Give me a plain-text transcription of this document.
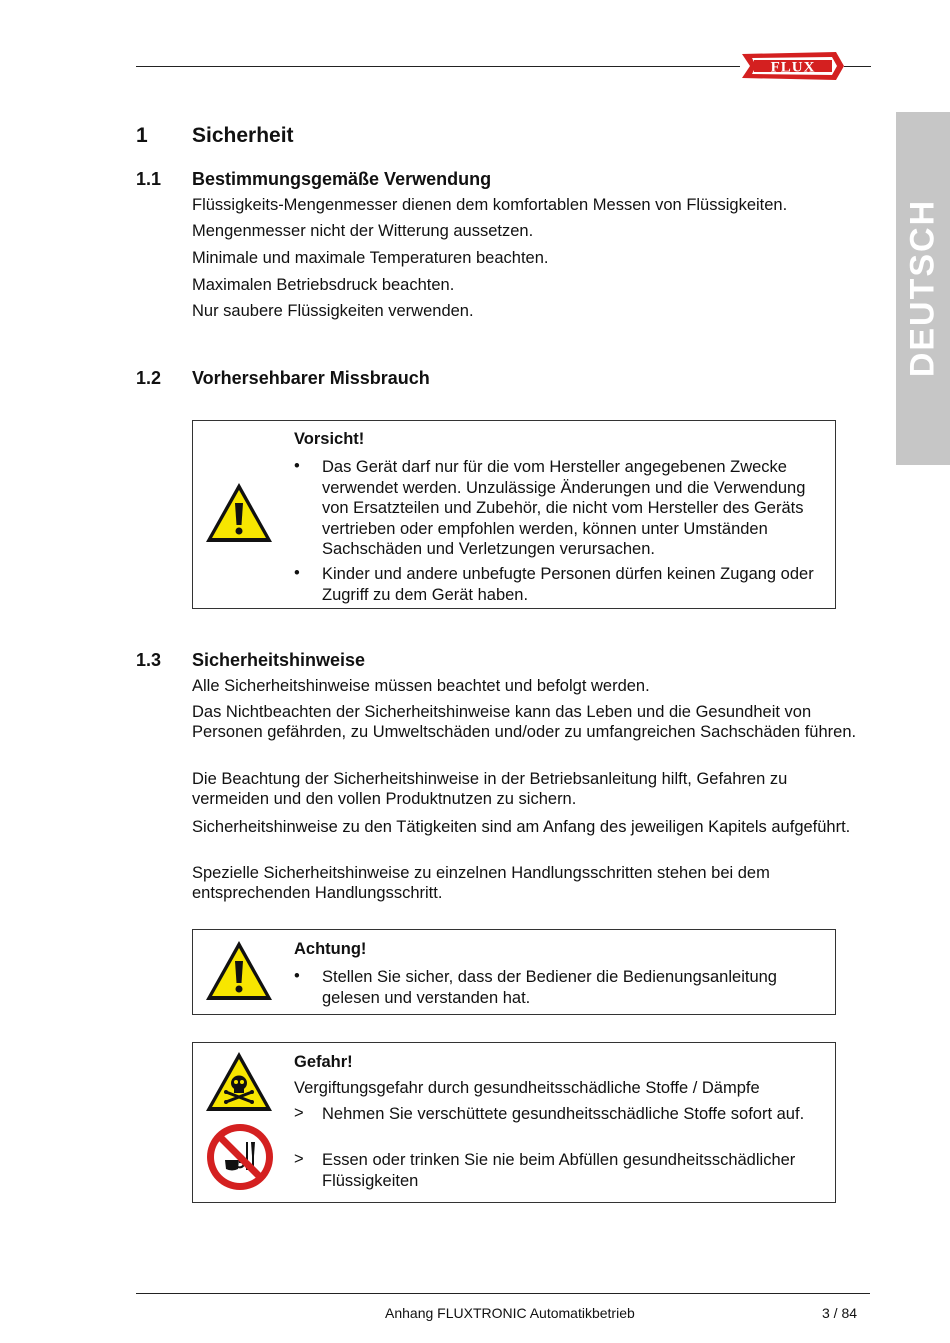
FLUX
DEUTSCH
1 Sicherheit
1.1 Bestimmungsgemäße Verwendung
Flüssigkeits-Mengenmesser dienen dem komfortablen Messen von Flüssigkeiten.
Mengenmesser nicht der Witterung aussetzen.
Minimale und maximale Temperaturen beachten.
Maximalen Betriebsdruck beachten.
Nur saubere Flüssigkeiten verwenden.
1.2 Vorhersehbarer Missbrauch
Vorsicht!
• Das Gerät darf nur für die vom Hersteller angegebenen Zwecke verwendet werden. Unzulässige Änderungen und die Verwendung von Ersatzteilen und Zubehör, die nicht vom Hersteller des Geräts vertrieben oder empfohlen werden, können unter Umständen Sachschäden und Verletzungen verursachen.
• Kinder und andere unbefugte Personen dürfen keinen Zugang oder Zugriff zu dem Gerät haben.
1.3 Sicherheitshinweise
Alle Sicherheitshinweise müssen beachtet und befolgt werden.
Das Nichtbeachten der Sicherheitshinweise kann das Leben und die Gesundheit von Personen gefährden, zu Umweltschäden und/oder zu umfangreichen Sachschäden führen.
Die Beachtung der Sicherheitshinweise in der Betriebsanleitung hilft, Gefahren zu vermeiden und den vollen Produktnutzen zu sichern.
Sicherheitshinweise zu den Tätigkeiten sind am Anfang des jeweiligen Kapitels aufgeführt.
Spezielle Sicherheitshinweise zu einzelnen Handlungsschritten stehen bei dem entsprechenden Handlungsschritt.
Achtung!
• Stellen Sie sicher, dass der Bediener die Bedienungsanleitung gelesen und verstanden hat.
Gefahr!
Vergiftungsgefahr durch gesundheitsschädliche Stoffe / Dämpfe
> Nehmen Sie verschüttete gesundheitsschädliche Stoffe sofort auf.
> Essen oder trinken Sie nie beim Abfüllen gesundheitsschädlicher Flüssigkeiten
Anhang FLUXTRONIC Automatikbetrieb	3 / 84
